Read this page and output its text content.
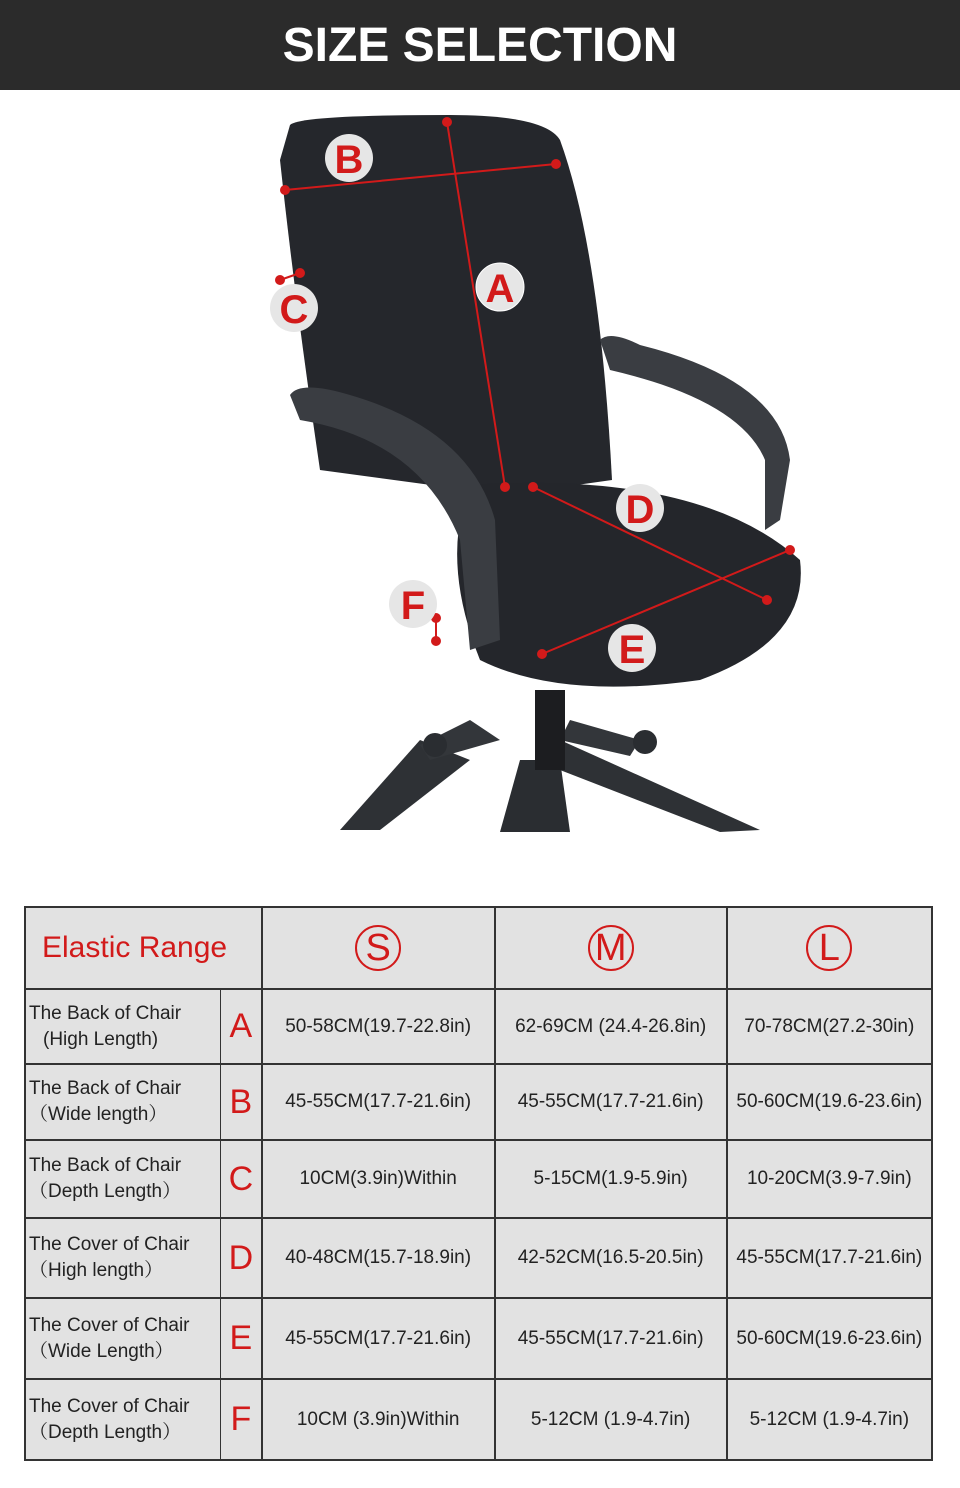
SIZE SELECTION
A
B
C
D
E
F
Elastic Range		S	M	L

The Back of Chair
(High Length)	A	50-58CM(19.7-22.8in)	62-69CM (24.4-26.8in)	70-78CM(27.2-30in)

The Back of Chair
（Wide length）	B	45-55CM(17.7-21.6in)	45-55CM(17.7-21.6in)	50-60CM(19.6-23.6in)

The Back of Chair
（Depth Length）	C	10CM(3.9in)Within	5-15CM(1.9-5.9in)	10-20CM(3.9-7.9in)

The Cover of Chair
（High length）	D	40-48CM(15.7-18.9in)	42-52CM(16.5-20.5in)	45-55CM(17.7-21.6in)

The Cover of Chair
（Wide Length）	E	45-55CM(17.7-21.6in)	45-55CM(17.7-21.6in)	50-60CM(19.6-23.6in)

The Cover of Chair
（Depth Length）	F	10CM (3.9in)Within	5-12CM (1.9-4.7in)	5-12CM (1.9-4.7in)
